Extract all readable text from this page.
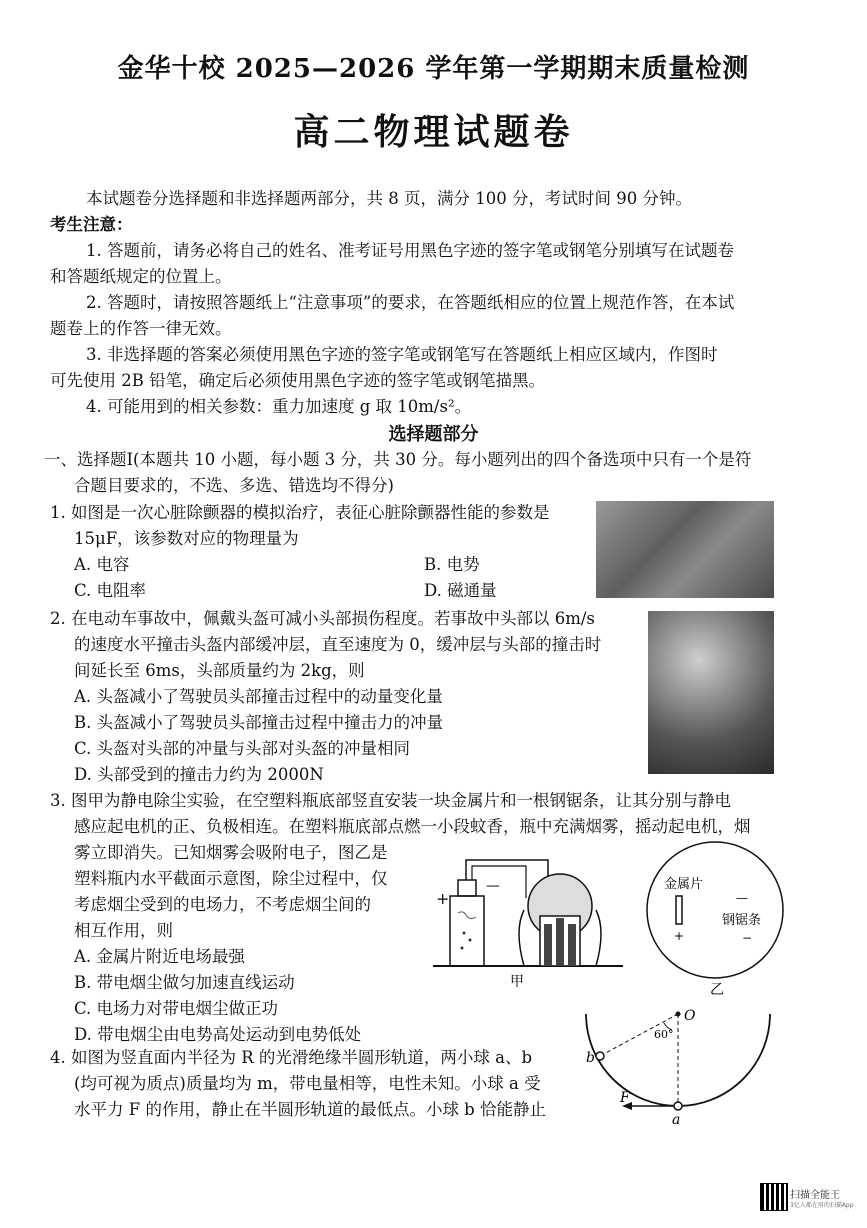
金华十校 2025—2026 学年第一学期期末质量检测
高二物理试题卷
本试题卷分选择题和非选择题两部分，共 8 页，满分 100 分，考试时间 90 分钟。
考生注意：
1. 答题前，请务必将自己的姓名、准考证号用黑色字迹的签字笔或钢笔分别填写在试题卷
和答题纸规定的位置上。
2. 答题时，请按照答题纸上“注意事项”的要求，在答题纸相应的位置上规范作答，在本试
题卷上的作答一律无效。
3. 非选择题的答案必须使用黑色字迹的签字笔或钢笔写在答题纸上相应区域内，作图时
可先使用 2B 铅笔，确定后必须使用黑色字迹的签字笔或钢笔描黑。
4. 可能用到的相关参数：重力加速度 g 取 10m/s²。
选择题部分
一、选择题Ⅰ(本题共 10 小题，每小题 3 分，共 30 分。每小题列出的四个备选项中只有一个是符
合题目要求的，不选、多选、错选均不得分)
1. 如图是一次心脏除颤器的模拟治疗，表征心脏除颤器性能的参数是
15μF，该参数对应的物理量为
A. 电容	B. 电势
C. 电阻率	D. 磁通量
2. 在电动车事故中，佩戴头盔可减小头部损伤程度。若事故中头部以 6m/s
的速度水平撞击头盔内部缓冲层，直至速度为 0，缓冲层与头部的撞击时
间延长至 6ms，头部质量约为 2kg，则
A. 头盔减小了驾驶员头部撞击过程中的动量变化量
B. 头盔减小了驾驶员头部撞击过程中撞击力的冲量
C. 头盔对头部的冲量与头部对头盔的冲量相同
D. 头部受到的撞击力约为 2000N
3. 图甲为静电除尘实验，在空塑料瓶底部竖直安装一块金属片和一根钢锯条，让其分别与静电
感应起电机的正、负极相连。在塑料瓶底部点燃一小段蚊香，瓶中充满烟雾，摇动起电机，烟
雾立即消失。已知烟雾会吸附电子，图乙是
塑料瓶内水平截面示意图，除尘过程中，仅
考虑烟尘受到的电场力，不考虑烟尘间的
相互作用，则
A. 金属片附近电场最强
B. 带电烟尘做匀加速直线运动
C. 电场力对带电烟尘做正功
D. 带电烟尘由电势高处运动到电势低处
+
—
甲
金属片
+
—
钢锯条
−
乙
4. 如图为竖直面内半径为 R 的光滑绝缘半圆形轨道，两小球 a、b
(均可视为质点)质量均为 m，带电量相等，电性未知。小球 a 受
水平力 F 的作用，静止在半圆形轨道的最低点。小球 b 恰能静止
O
60°
b
a
F
扫描全能王
3亿人都在用的扫描App
